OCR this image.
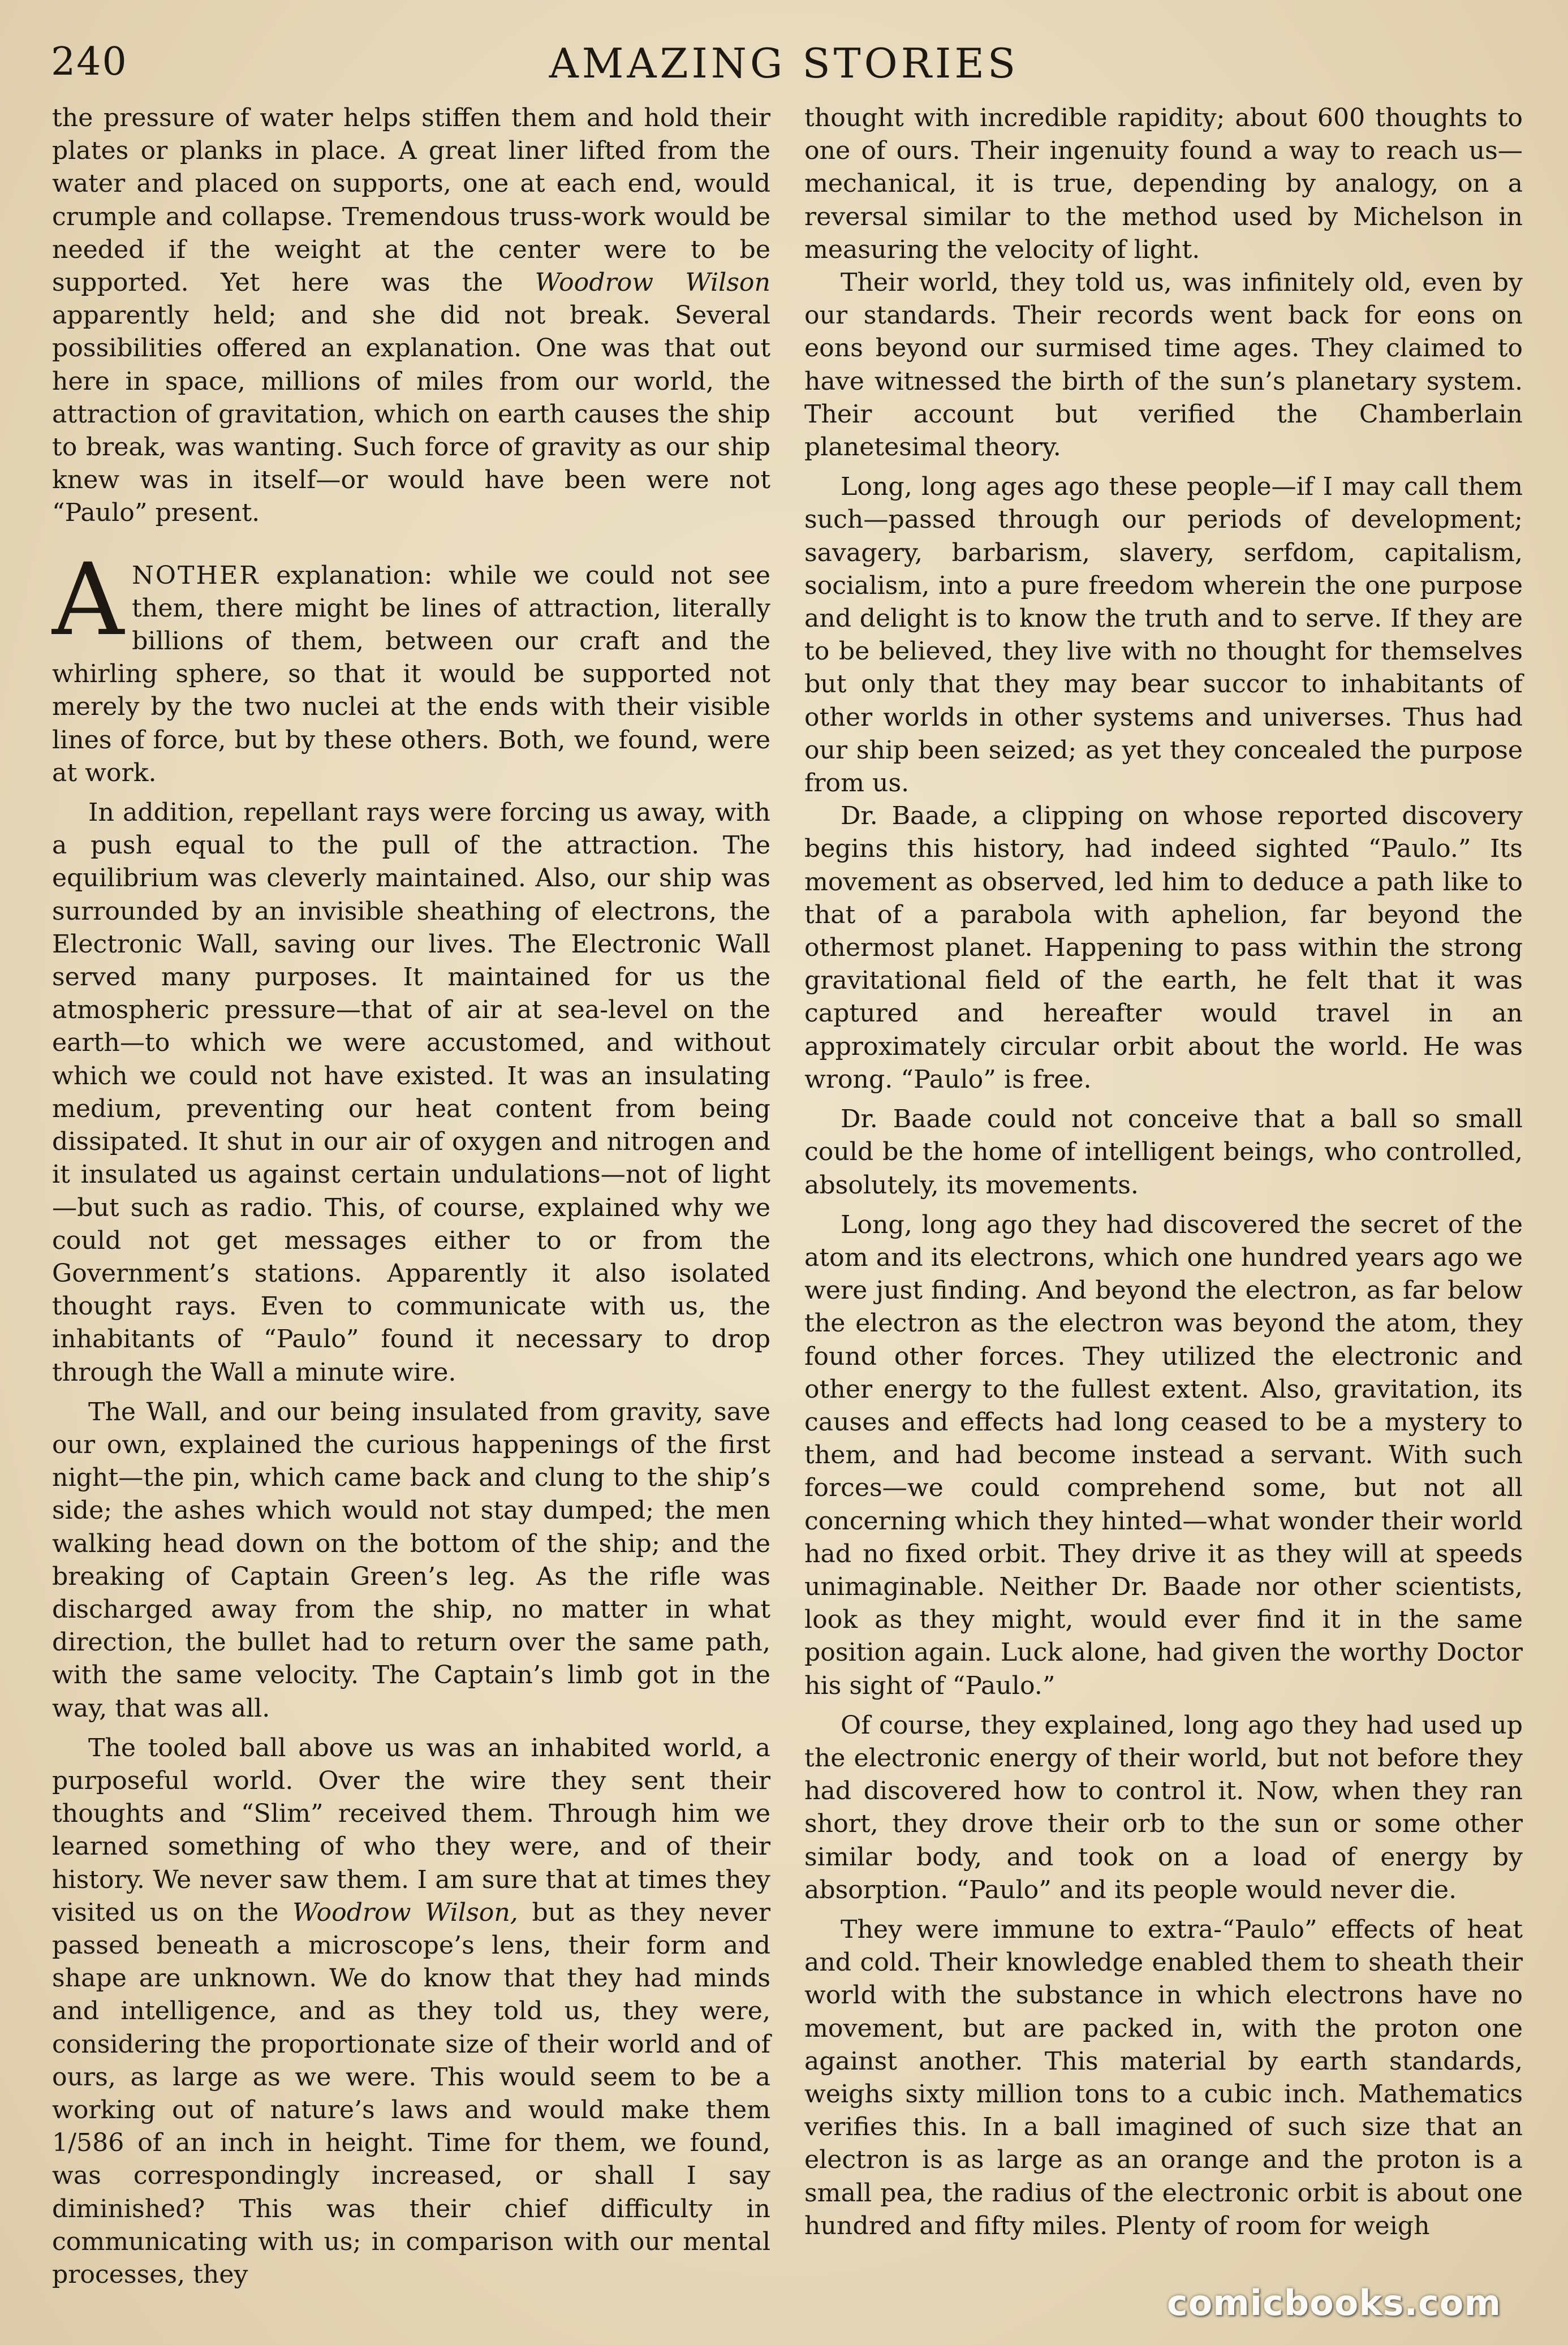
240	AMAZING STORIES

the pressure of water helps stiffen them and hold their plates or planks in place. A great liner lifted from the water and placed on supports, one at each end, would crumple and collapse. Tremendous truss-work would be needed if the weight at the center were to be supported. Yet here was the Woodrow Wilson apparently held; and she did not break. Several possibilities offered an explanation. One was that out here in space, millions of miles from our world, the attraction of gravitation, which on earth causes the ship to break, was wanting. Such force of gravity as our ship knew was in itself—or would have been were not “Paulo” present.

ANOTHER explanation: while we could not see them, there might be lines of attraction, literally billions of them, between our craft and the whirling sphere, so that it would be supported not merely by the two nuclei at the ends with their visible lines of force, but by these others. Both, we found, were at work.

In addition, repellant rays were forcing us away, with a push equal to the pull of the attraction. The equilibrium was cleverly maintained. Also, our ship was surrounded by an invisible sheathing of electrons, the Electronic Wall, saving our lives. The Electronic Wall served many purposes. It maintained for us the atmospheric pressure—that of air at sea-level on the earth—to which we were accustomed, and without which we could not have existed. It was an insulating medium, preventing our heat content from being dissipated. It shut in our air of oxygen and nitrogen and it insulated us against certain undulations—not of light—but such as radio. This, of course, explained why we could not get messages either to or from the Government’s stations. Apparently it also isolated thought rays. Even to communicate with us, the inhabitants of “Paulo” found it necessary to drop through the Wall a minute wire.

The Wall, and our being insulated from gravity, save our own, explained the curious happenings of the first night—the pin, which came back and clung to the ship’s side; the ashes which would not stay dumped; the men walking head down on the bottom of the ship; and the breaking of Captain Green’s leg. As the rifle was discharged away from the ship, no matter in what direction, the bullet had to return over the same path, with the same velocity. The Captain’s limb got in the way, that was all.

The tooled ball above us was an inhabited world, a purposeful world. Over the wire they sent their thoughts and “Slim” received them. Through him we learned something of who they were, and of their history. We never saw them. I am sure that at times they visited us on the Woodrow Wilson, but as they never passed beneath a microscope’s lens, their form and shape are unknown. We do know that they had minds and intelligence, and as they told us, they were, considering the proportionate size of their world and of ours, as large as we were. This would seem to be a working out of nature’s laws and would make them 1/586 of an inch in height. Time for them, we found, was correspondingly increased, or shall I say diminished? This was their chief difficulty in communicating with us; in comparison with our mental processes, they

thought with incredible rapidity; about 600 thoughts to one of ours. Their ingenuity found a way to reach us—mechanical, it is true, depending by analogy, on a reversal similar to the method used by Michelson in measuring the velocity of light.

Their world, they told us, was infinitely old, even by our standards. Their records went back for eons on eons beyond our surmised time ages. They claimed to have witnessed the birth of the sun’s planetary system. Their account but verified the Chamberlain planetesimal theory.

Long, long ages ago these people—if I may call them such—passed through our periods of development; savagery, barbarism, slavery, serfdom, capitalism, socialism, into a pure freedom wherein the one purpose and delight is to know the truth and to serve. If they are to be believed, they live with no thought for themselves but only that they may bear succor to inhabitants of other worlds in other systems and universes. Thus had our ship been seized; as yet they concealed the purpose from us.

Dr. Baade, a clipping on whose reported discovery begins this history, had indeed sighted “Paulo.” Its movement as observed, led him to deduce a path like to that of a parabola with aphelion, far beyond the othermost planet. Happening to pass within the strong gravitational field of the earth, he felt that it was captured and hereafter would travel in an approximately circular orbit about the world. He was wrong. “Paulo” is free.

Dr. Baade could not conceive that a ball so small could be the home of intelligent beings, who controlled, absolutely, its movements.

Long, long ago they had discovered the secret of the atom and its electrons, which one hundred years ago we were just finding. And beyond the electron, as far below the electron as the electron was beyond the atom, they found other forces. They utilized the electronic and other energy to the fullest extent. Also, gravitation, its causes and effects had long ceased to be a mystery to them, and had become instead a servant. With such forces—we could comprehend some, but not all concerning which they hinted—what wonder their world had no fixed orbit. They drive it as they will at speeds unimaginable. Neither Dr. Baade nor other scientists, look as they might, would ever find it in the same position again. Luck alone, had given the worthy Doctor his sight of “Paulo.”

Of course, they explained, long ago they had used up the electronic energy of their world, but not before they had discovered how to control it. Now, when they ran short, they drove their orb to the sun or some other similar body, and took on a load of energy by absorption. “Paulo” and its people would never die.

They were immune to extra-“Paulo” effects of heat and cold. Their knowledge enabled them to sheath their world with the substance in which electrons have no movement, but are packed in, with the proton one against another. This material by earth standards, weighs sixty million tons to a cubic inch. Mathematics verifies this. In a ball imagined of such size that an electron is as large as an orange and the proton is a small pea, the radius of the electronic orbit is about one hundred and fifty miles. Plenty of room for weigh

comicbooks.com
